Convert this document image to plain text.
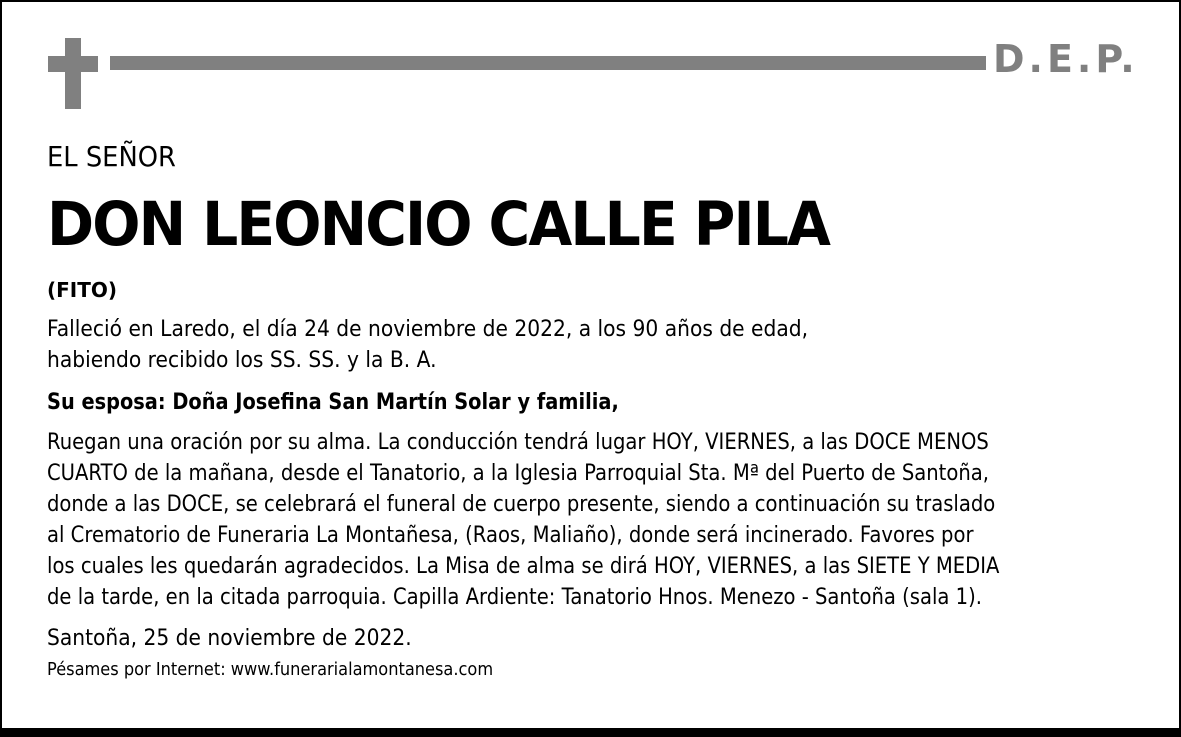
D.E.P.
EL SEÑOR
DON LEONCIO CALLE PILA
(FITO)
Falleció en Laredo, el día 24 de noviembre de 2022, a los 90 años de edad,
habiendo recibido los SS. SS. y la B. A.
Su esposa: Doña Josefina San Martín Solar y familia,
Ruegan una oración por su alma. La conducción tendrá lugar HOY, VIERNES, a las DOCE MENOS
CUARTO de la mañana, desde el Tanatorio, a la Iglesia Parroquial Sta. Mª del Puerto de Santoña,
donde a las DOCE, se celebrará el funeral de cuerpo presente, siendo a continuación su traslado
al Crematorio de Funeraria La Montañesa, (Raos, Maliaño), donde será incinerado. Favores por
los cuales les quedarán agradecidos. La Misa de alma se dirá HOY, VIERNES, a las SIETE Y MEDIA
de la tarde, en la citada parroquia. Capilla Ardiente: Tanatorio Hnos. Menezo - Santoña (sala 1).
Santoña, 25 de noviembre de 2022.
Pésames por Internet: www.funerarialamontanesa.com
